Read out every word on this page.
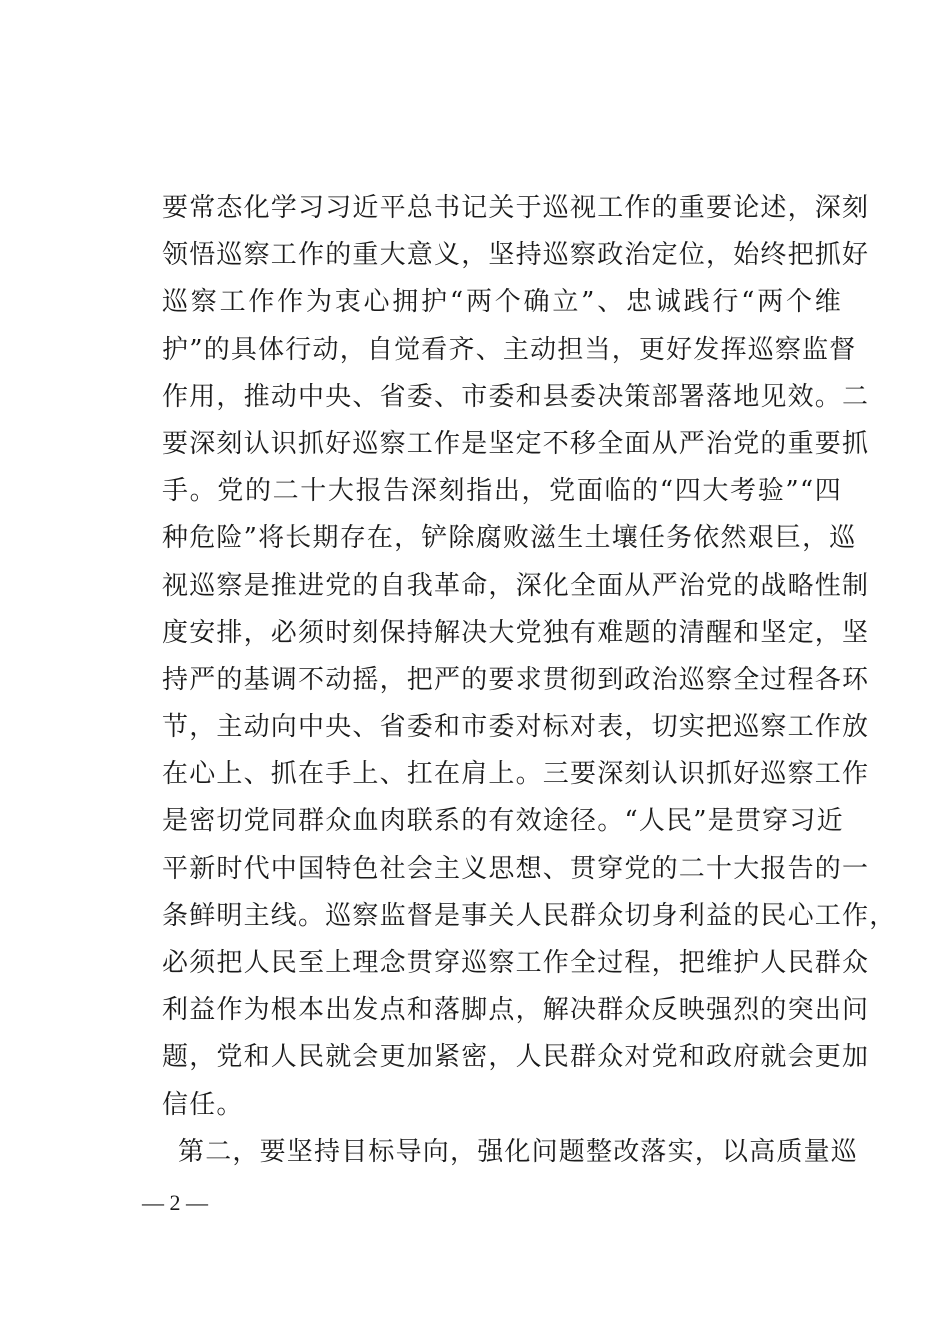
要常态化学习习近平总书记关于巡视工作的重要论述，深刻
领悟巡察工作的重大意义，坚持巡察政治定位，始终把抓好
巡察工作作为衷心拥护“两个确立”、忠诚践行“两个维
护”的具体行动，自觉看齐、主动担当，更好发挥巡察监督
作用，推动中央、省委、市委和县委决策部署落地见效。二
要深刻认识抓好巡察工作是坚定不移全面从严治党的重要抓
手。党的二十大报告深刻指出，党面临的“四大考验”“四
种危险”将长期存在，铲除腐败滋生土壤任务依然艰巨，巡
视巡察是推进党的自我革命，深化全面从严治党的战略性制
度安排，必须时刻保持解决大党独有难题的清醒和坚定，坚
持严的基调不动摇，把严的要求贯彻到政治巡察全过程各环
节，主动向中央、省委和市委对标对表，切实把巡察工作放
在心上、抓在手上、扛在肩上。三要深刻认识抓好巡察工作
是密切党同群众血肉联系的有效途径。“人民”是贯穿习近
平新时代中国特色社会主义思想、贯穿党的二十大报告的一
条鲜明主线。巡察监督是事关人民群众切身利益的民心工作，
必须把人民至上理念贯穿巡察工作全过程，把维护人民群众
利益作为根本出发点和落脚点，解决群众反映强烈的突出问
题，党和人民就会更加紧密，人民群众对党和政府就会更加
信任。
第二，要坚持目标导向，强化问题整改落实，以高质量巡
— 2 —
